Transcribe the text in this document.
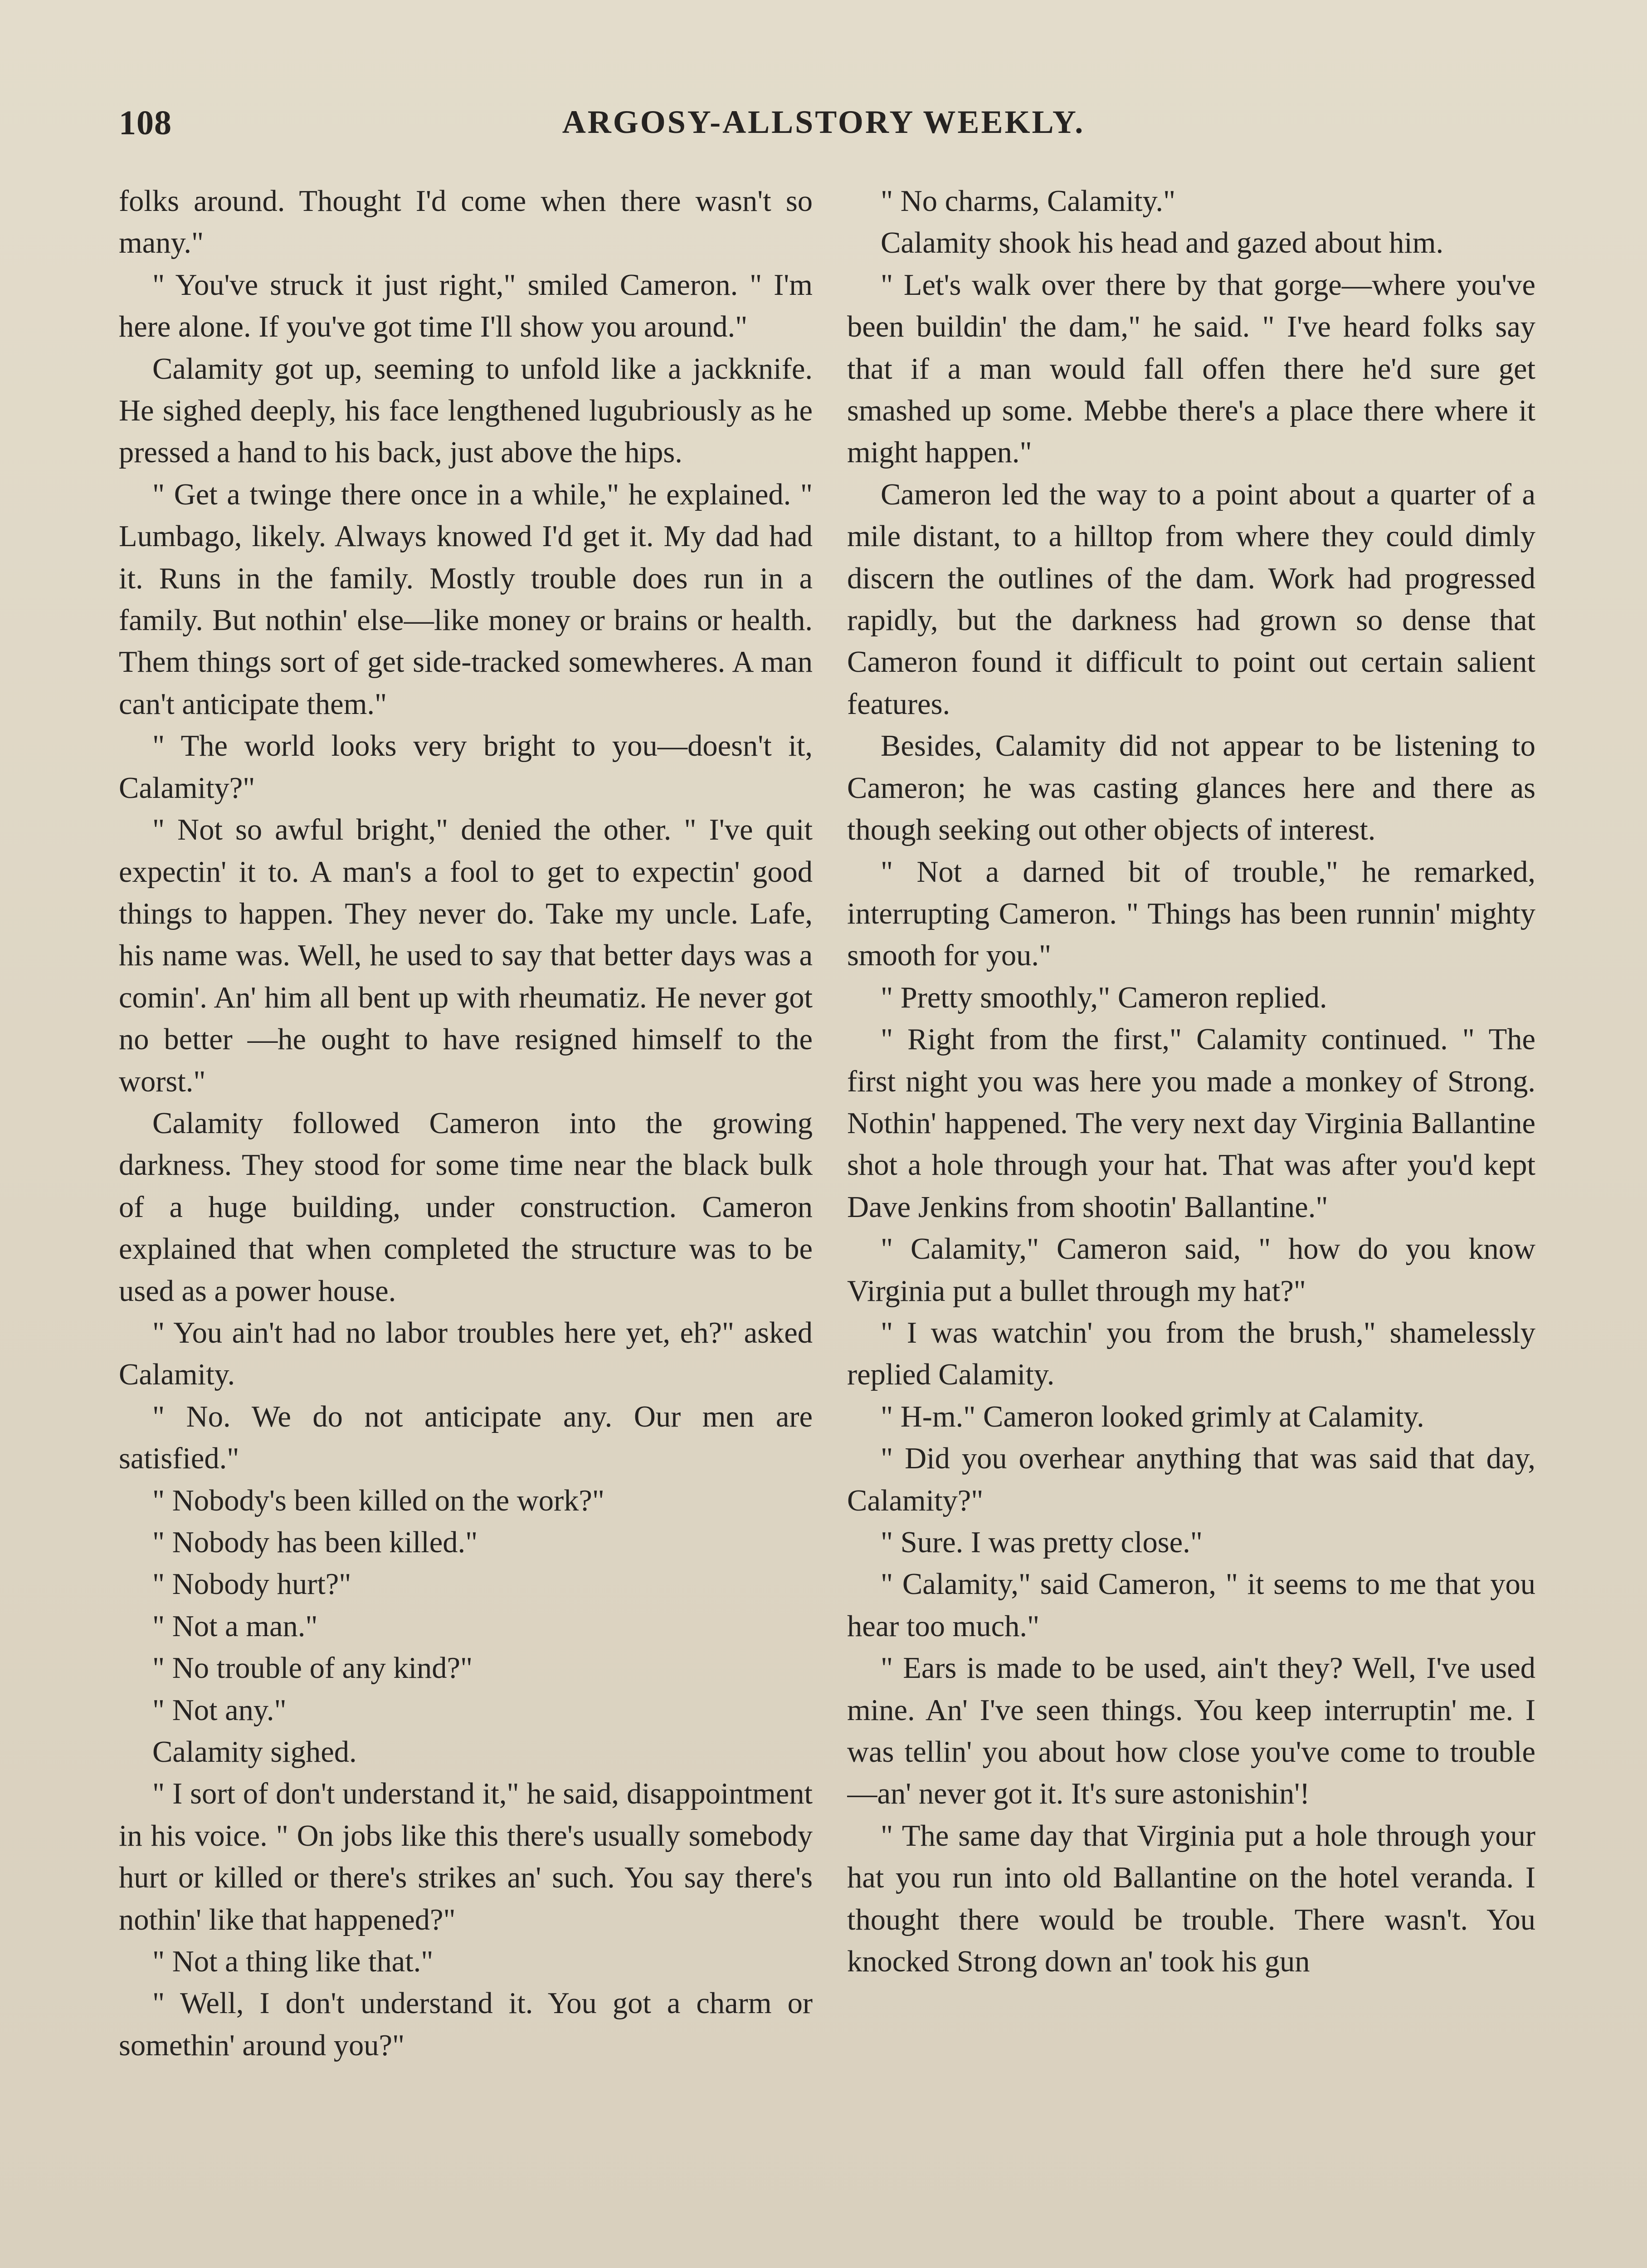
108	ARGOSY-ALLSTORY WEEKLY.

folks around. Thought I'd come when there wasn't so many."

" You've struck it just right," smiled Cameron. " I'm here alone. If you've got time I'll show you around."

Calamity got up, seeming to unfold like a jackknife. He sighed deeply, his face lengthened lugubriously as he pressed a hand to his back, just above the hips.

" Get a twinge there once in a while," he explained. " Lumbago, likely. Always knowed I'd get it. My dad had it. Runs in the family. Mostly trouble does run in a family. But nothin' else—like money or brains or health. Them things sort of get side-tracked somewheres. A man can't anticipate them."

" The world looks very bright to you—doesn't it, Calamity?"

" Not so awful bright," denied the other. " I've quit expectin' it to. A man's a fool to get to expectin' good things to happen. They never do. Take my uncle. Lafe, his name was. Well, he used to say that better days was a comin'. An' him all bent up with rheumatiz. He never got no better —he ought to have resigned himself to the worst."

Calamity followed Cameron into the growing darkness. They stood for some time near the black bulk of a huge building, under construction. Cameron explained that when completed the structure was to be used as a power house.

" You ain't had no labor troubles here yet, eh?" asked Calamity.

" No. We do not anticipate any. Our men are satisfied."

" Nobody's been killed on the work?"

" Nobody has been killed."

" Nobody hurt?"

" Not a man."

" No trouble of any kind?"

" Not any."

Calamity sighed.

" I sort of don't understand it," he said, disappointment in his voice. " On jobs like this there's usually somebody hurt or killed or there's strikes an' such. You say there's nothin' like that happened?"

" Not a thing like that."

" Well, I don't understand it. You got a charm or somethin' around you?"

" No charms, Calamity."

Calamity shook his head and gazed about him.

" Let's walk over there by that gorge—where you've been buildin' the dam," he said. " I've heard folks say that if a man would fall offen there he'd sure get smashed up some. Mebbe there's a place there where it might happen."

Cameron led the way to a point about a quarter of a mile distant, to a hilltop from where they could dimly discern the outlines of the dam. Work had progressed rapidly, but the darkness had grown so dense that Cameron found it difficult to point out certain salient features.

Besides, Calamity did not appear to be listening to Cameron; he was casting glances here and there as though seeking out other objects of interest.

" Not a darned bit of trouble," he remarked, interrupting Cameron. " Things has been runnin' mighty smooth for you."

" Pretty smoothly," Cameron replied.

" Right from the first," Calamity continued. " The first night you was here you made a monkey of Strong. Nothin' happened. The very next day Virginia Ballantine shot a hole through your hat. That was after you'd kept Dave Jenkins from shootin' Ballantine."

" Calamity," Cameron said, " how do you know Virginia put a bullet through my hat?"

" I was watchin' you from the brush," shamelessly replied Calamity.

" H-m." Cameron looked grimly at Calamity.

" Did you overhear anything that was said that day, Calamity?"

" Sure. I was pretty close."

" Calamity," said Cameron, " it seems to me that you hear too much."

" Ears is made to be used, ain't they? Well, I've used mine. An' I've seen things. You keep interruptin' me. I was tellin' you about how close you've come to trouble—an' never got it. It's sure astonishin'!

" The same day that Virginia put a hole through your hat you run into old Ballantine on the hotel veranda. I thought there would be trouble. There wasn't. You knocked Strong down an' took his gun
